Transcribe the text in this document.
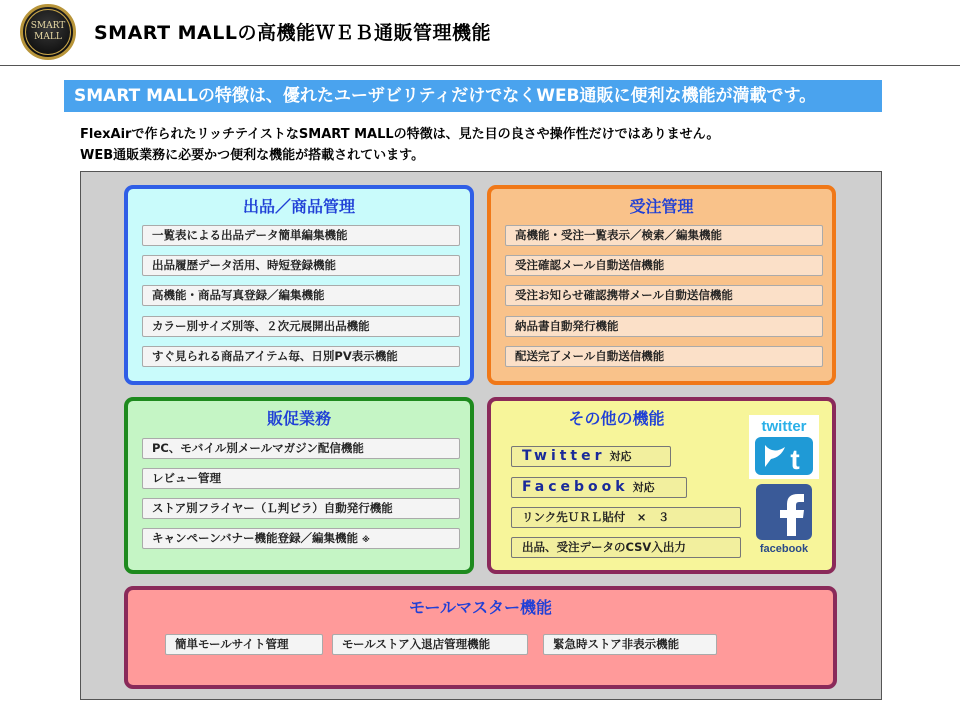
SMART
MALL SMART MALLの高機能ＷＥＢ通販管理機能
SMART MALLの特徴は、優れたユーザビリティだけでなくWEB通販に便利な機能が満載です。
FlexAirで作られたリッチテイストなSMART MALLの特徴は、見た目の良さや操作性だけではありません。
WEB通販業務に必要かつ便利な機能が搭載されています。
出品／商品管理
一覧表による出品データ簡単編集機能
出品履歴データ活用、時短登録機能
高機能・商品写真登録／編集機能
カラー別サイズ別等、２次元展開出品機能
すぐ見られる商品アイテム毎、日別PV表示機能
受注管理
高機能・受注一覧表示／検索／編集機能
受注確認メール自動送信機能
受注お知らせ確認携帯メール自動送信機能
納品書自動発行機能
配送完了メール自動送信機能
販促業務
PC、モバイル別メールマガジン配信機能
レビュー管理
ストア別フライヤー（Ｌ判ビラ）自動発行機能
キャンペーンバナー機能登録／編集機能 ※
その他の機能
Twitter 対応
Facebook 対応
リンク先ＵＲＬ貼付　×　３
出品、受注データのCSV入出力
twitter
t
facebook
モールマスター機能
簡単モールサイト管理	モールストア入退店管理機能	緊急時ストア非表示機能
